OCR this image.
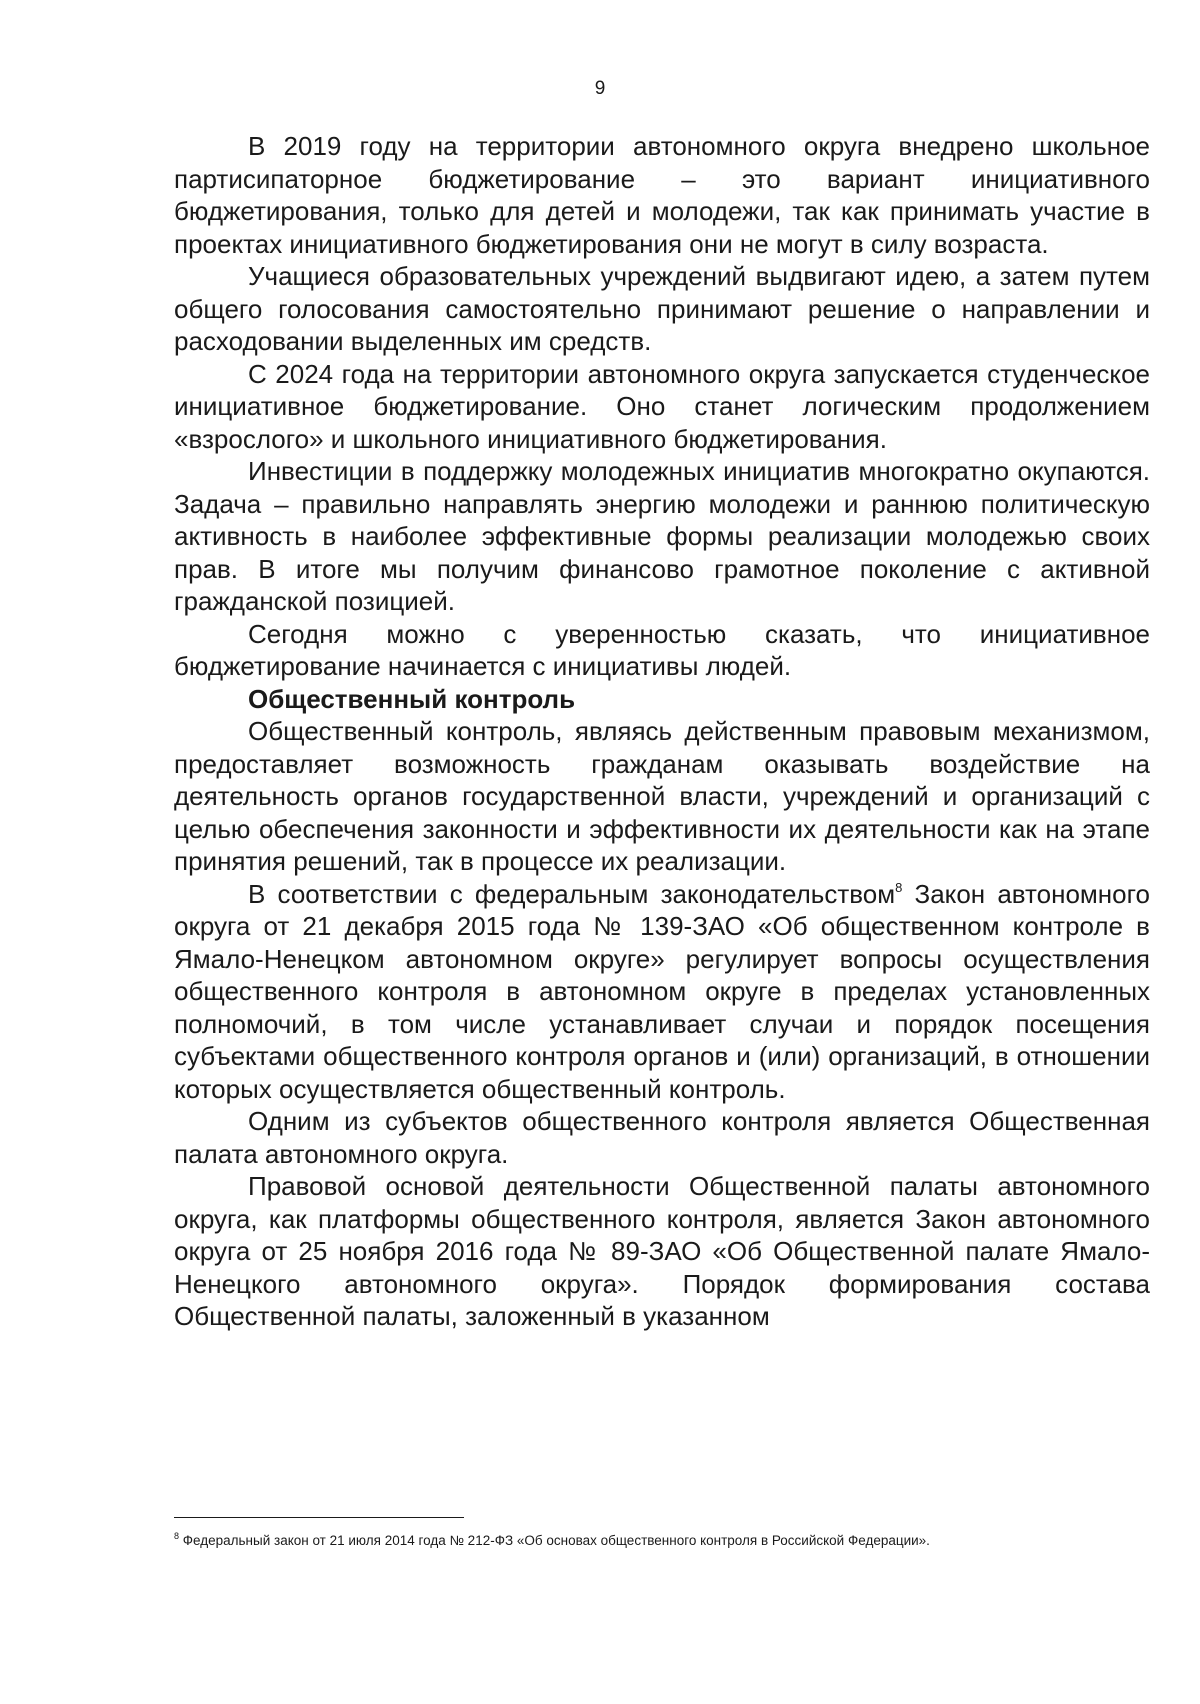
9

В 2019 году на территории автономного округа внедрено школьное партисипаторное бюджетирование – это вариант инициативного бюджетирования, только для детей и молодежи, так как принимать участие в проектах инициативного бюджетирования они не могут в силу возраста.

Учащиеся образовательных учреждений выдвигают идею, а затем путем общего голосования самостоятельно принимают решение о направлении и расходовании выделенных им средств.

С 2024 года на территории автономного округа запускается студенческое инициативное бюджетирование. Оно станет логическим продолжением «взрослого» и школьного инициативного бюджетирования.

Инвестиции в поддержку молодежных инициатив многократно окупаются. Задача – правильно направлять энергию молодежи и раннюю политическую активность в наиболее эффективные формы реализации молодежью своих прав. В итоге мы получим финансово грамотное поколение с активной гражданской позицией.

Сегодня можно с уверенностью сказать, что инициативное бюджетирование начинается с инициативы людей.

Общественный контроль

Общественный контроль, являясь действенным правовым механизмом, предоставляет возможность гражданам оказывать воздействие на деятельность органов государственной власти, учреждений и организаций с целью обеспечения законности и эффективности их деятельности как на этапе принятия решений, так в процессе их реализации.

В соответствии с федеральным законодательством$^8$ Закон автономного округа от 21 декабря 2015 года № 139-ЗАО «Об общественном контроле в Ямало-Ненецком автономном округе» регулирует вопросы осуществления общественного контроля в автономном округе в пределах установленных полномочий, в том числе устанавливает случаи и порядок посещения субъектами общественного контроля органов и (или) организаций, в отношении которых осуществляется общественный контроль.

Одним из субъектов общественного контроля является Общественная палата автономного округа.

Правовой основой деятельности Общественной палаты автономного округа, как платформы общественного контроля, является Закон автономного округа от 25 ноября 2016 года № 89-ЗАО «Об Общественной палате Ямало-Ненецкого автономного округа». Порядок формирования состава Общественной палаты, заложенный в указанном

$^8$ Федеральный закон от 21 июля 2014 года № 212-ФЗ «Об основах общественного контроля в Российской Федерации».
